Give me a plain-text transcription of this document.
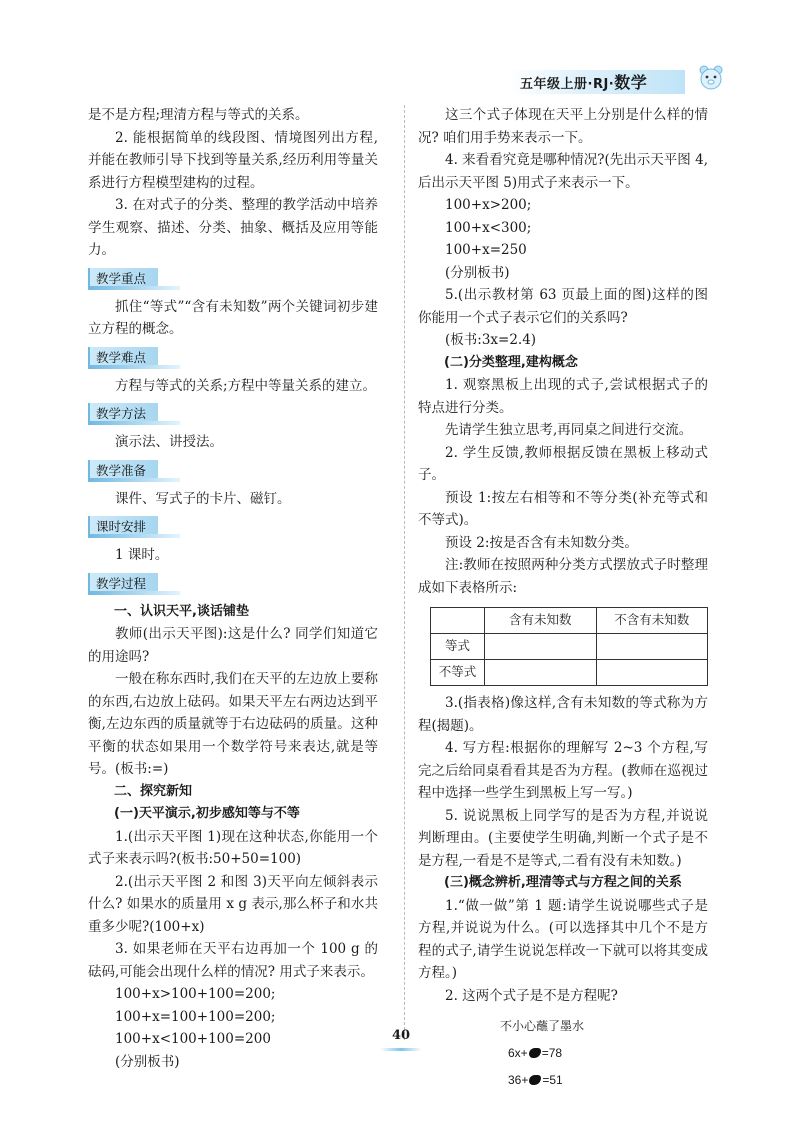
五年级上册·RJ·数学

是不是方程;理清方程与等式的关系。

2. 能根据简单的线段图、情境图列出方程,并能在教师引导下找到等量关系,经历利用等量关系进行方程模型建构的过程。

3. 在对式子的分类、整理的教学活动中培养学生观察、描述、分类、抽象、概括及应用等能力。

教学重点

抓住“等式”“含有未知数”两个关键词初步建立方程的概念。

教学难点

方程与等式的关系;方程中等量关系的建立。

教学方法

演示法、讲授法。

教学准备

课件、写式子的卡片、磁钉。

课时安排

1 课时。

教学过程

一、认识天平,谈话铺垫

教师(出示天平图):这是什么? 同学们知道它的用途吗?

一般在称东西时,我们在天平的左边放上要称的东西,右边放上砝码。如果天平左右两边达到平衡,左边东西的质量就等于右边砝码的质量。这种平衡的状态如果用一个数学符号来表达,就是等号。(板书:=)

二、探究新知

(一)天平演示,初步感知等与不等

1.(出示天平图 1)现在这种状态,你能用一个式子来表示吗?(板书:50+50=100)

2.(出示天平图 2 和图 3)天平向左倾斜表示什么? 如果水的质量用 x g 表示,那么杯子和水共重多少呢?(100+x)

3. 如果老师在天平右边再加一个 100 g 的砝码,可能会出现什么样的情况? 用式子来表示。

100+x>100+100=200;

100+x=100+100=200;

100+x<100+100=200

(分别板书)

这三个式子体现在天平上分别是什么样的情况? 咱们用手势来表示一下。

4. 来看看究竟是哪种情况?(先出示天平图 4,后出示天平图 5)用式子来表示一下。

100+x>200;

100+x<300;

100+x=250

(分别板书)

5.(出示教材第 63 页最上面的图)这样的图你能用一个式子表示它们的关系吗?

(板书:3x=2.4)

(二)分类整理,建构概念

1. 观察黑板上出现的式子,尝试根据式子的特点进行分类。

先请学生独立思考,再同桌之间进行交流。

2. 学生反馈,教师根据反馈在黑板上移动式子。

预设 1:按左右相等和不等分类(补充等式和不等式)。

预设 2:按是否含有未知数分类。

注:教师在按照两种分类方式摆放式子时整理成如下表格所示:

	含有未知数	不含有未知数
等式		
不等式		

3.(指表格)像这样,含有未知数的等式称为方程(揭题)。

4. 写方程:根据你的理解写 2~3 个方程,写完之后给同桌看看其是否为方程。(教师在巡视过程中选择一些学生到黑板上写一写。)

5. 说说黑板上同学写的是否为方程,并说说判断理由。(主要使学生明确,判断一个式子是不是方程,一看是不是等式,二看有没有未知数。)

(三)概念辨析,理清等式与方程之间的关系

1.“做一做”第 1 题:请学生说说哪些式子是方程,并说说为什么。(可以选择其中几个不是方程的式子,请学生说说怎样改一下就可以将其变成方程。)

2. 这两个式子是不是方程呢?

不小心蘸了墨水
6x+ =78
36+ =51
40
